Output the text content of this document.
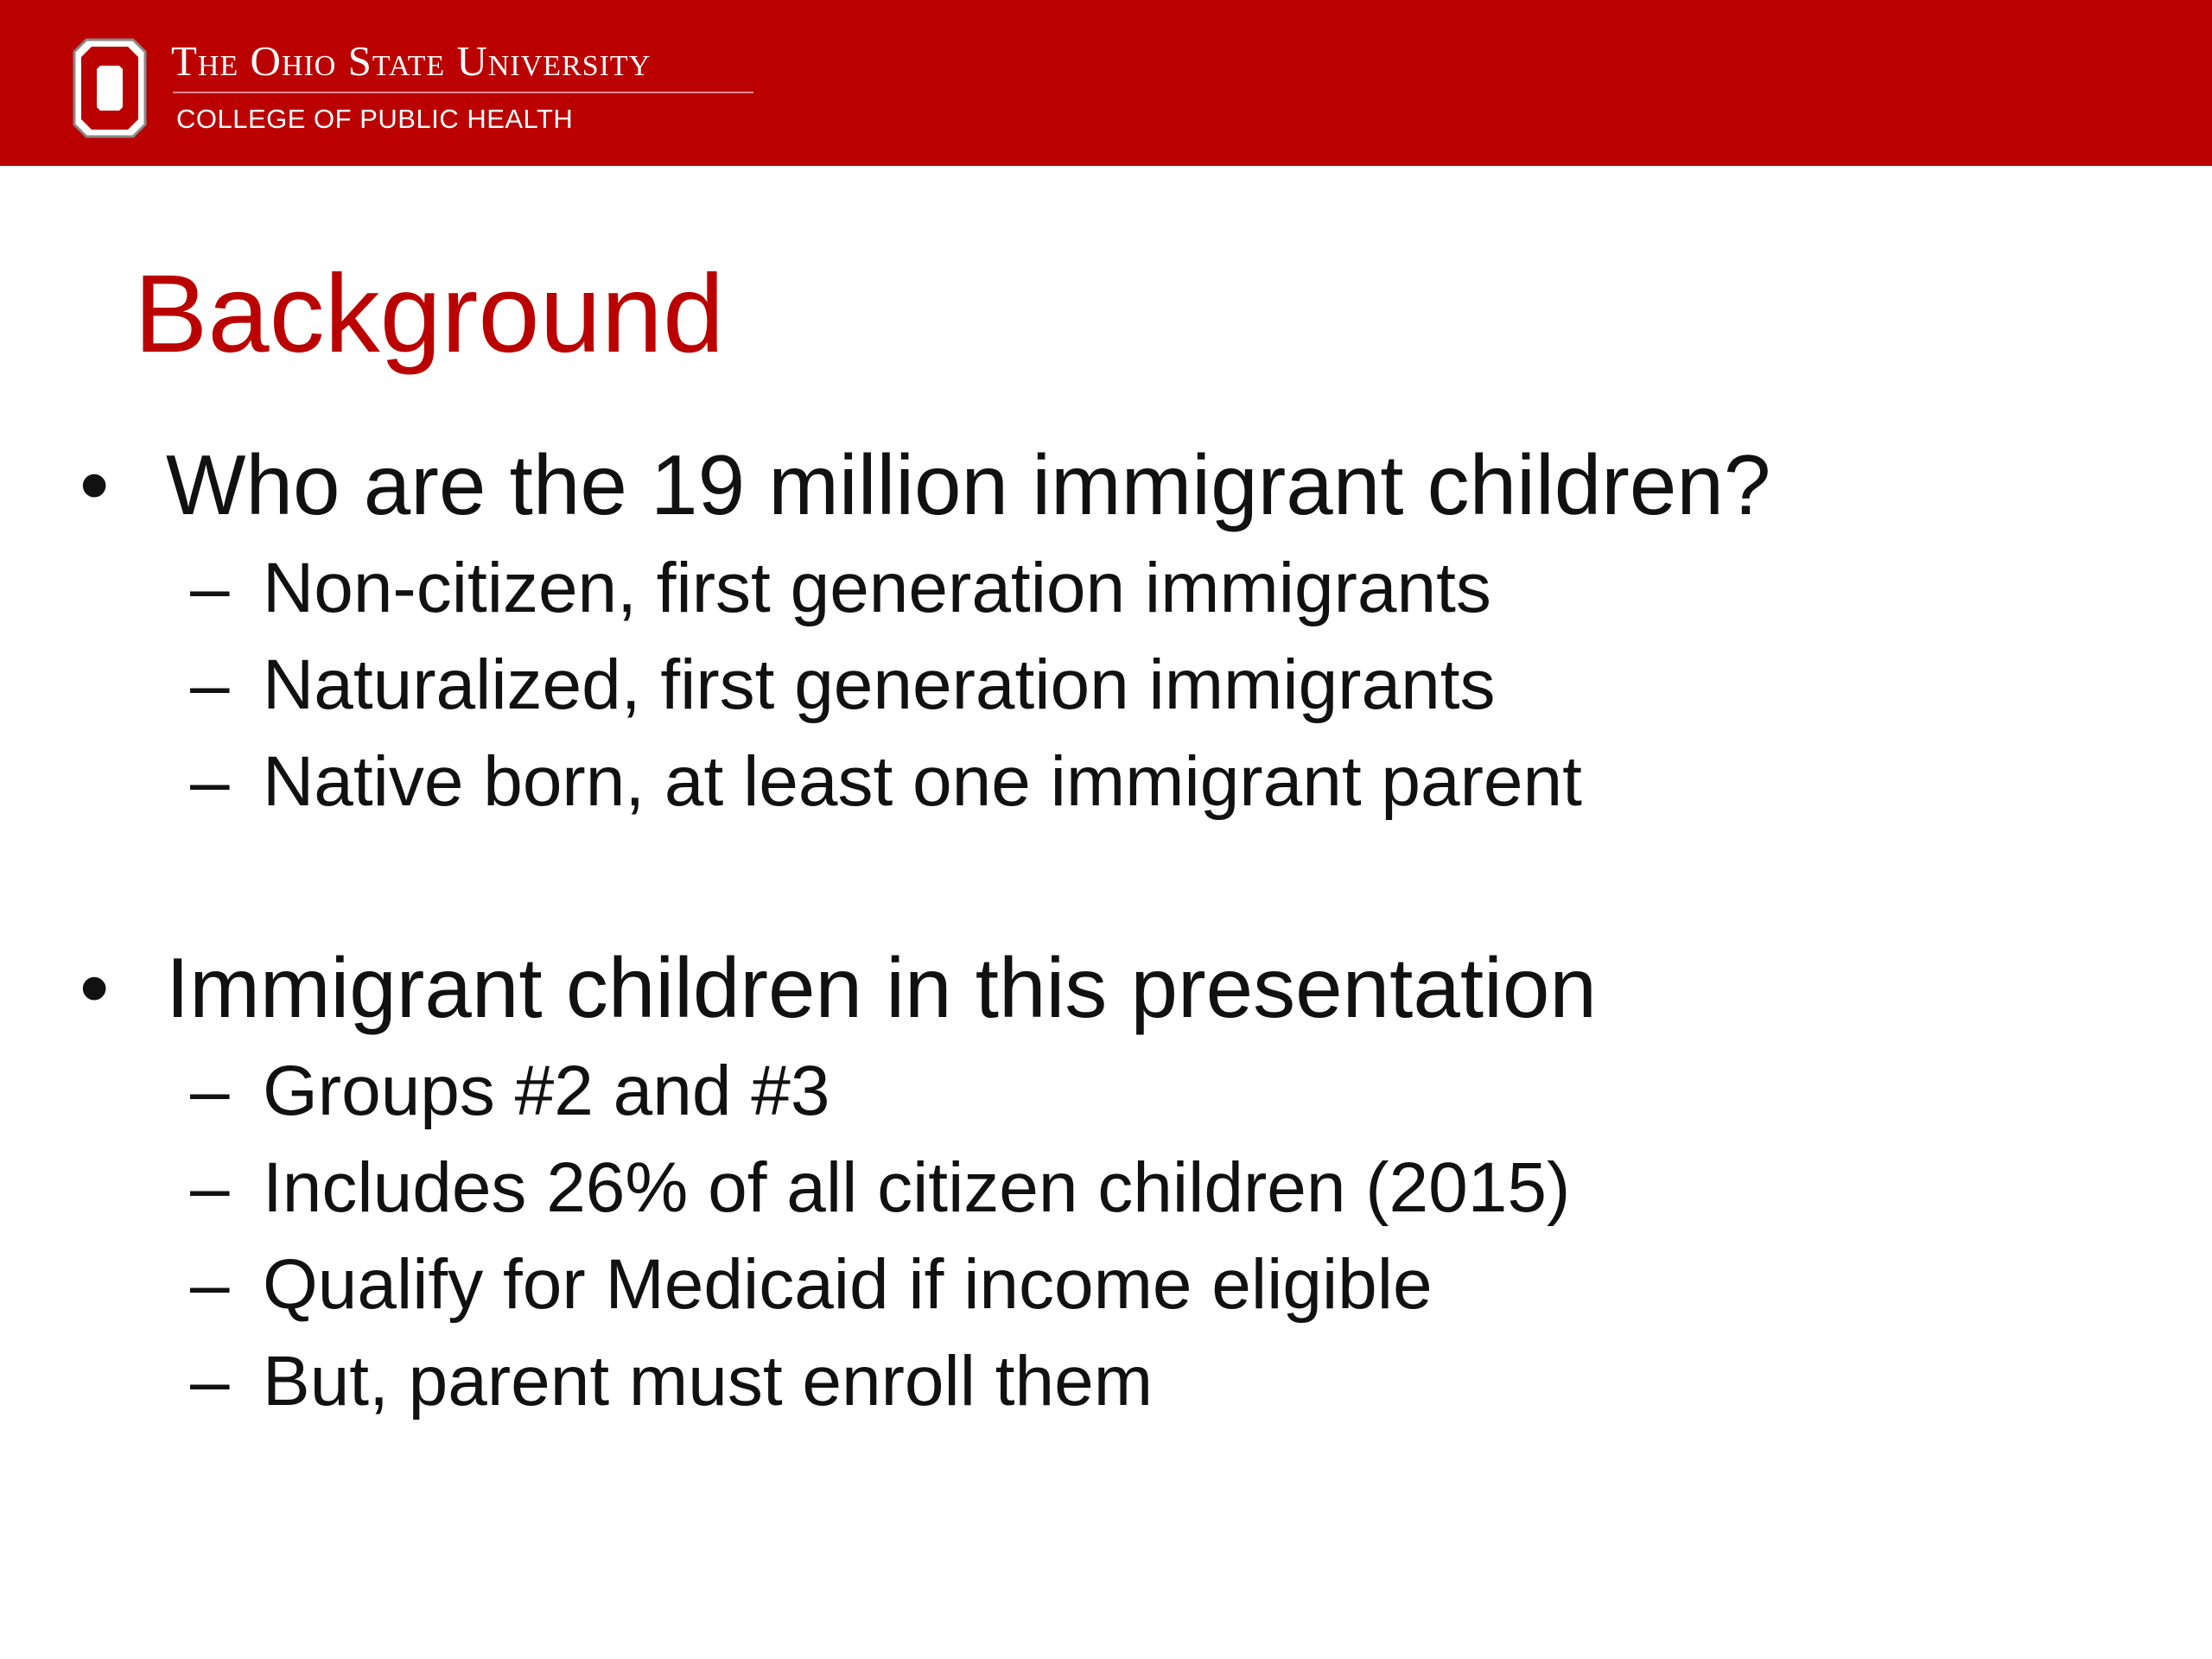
The Ohio State University
COLLEGE OF PUBLIC HEALTH
Background
• Who are the 19 million immigrant children?
– Non-citizen, first generation immigrants
– Naturalized, first generation immigrants
– Native born, at least one immigrant parent
• Immigrant children in this presentation
– Groups #2 and #3
– Includes 26% of all citizen children (2015)
– Qualify for Medicaid if income eligible
– But, parent must enroll them
